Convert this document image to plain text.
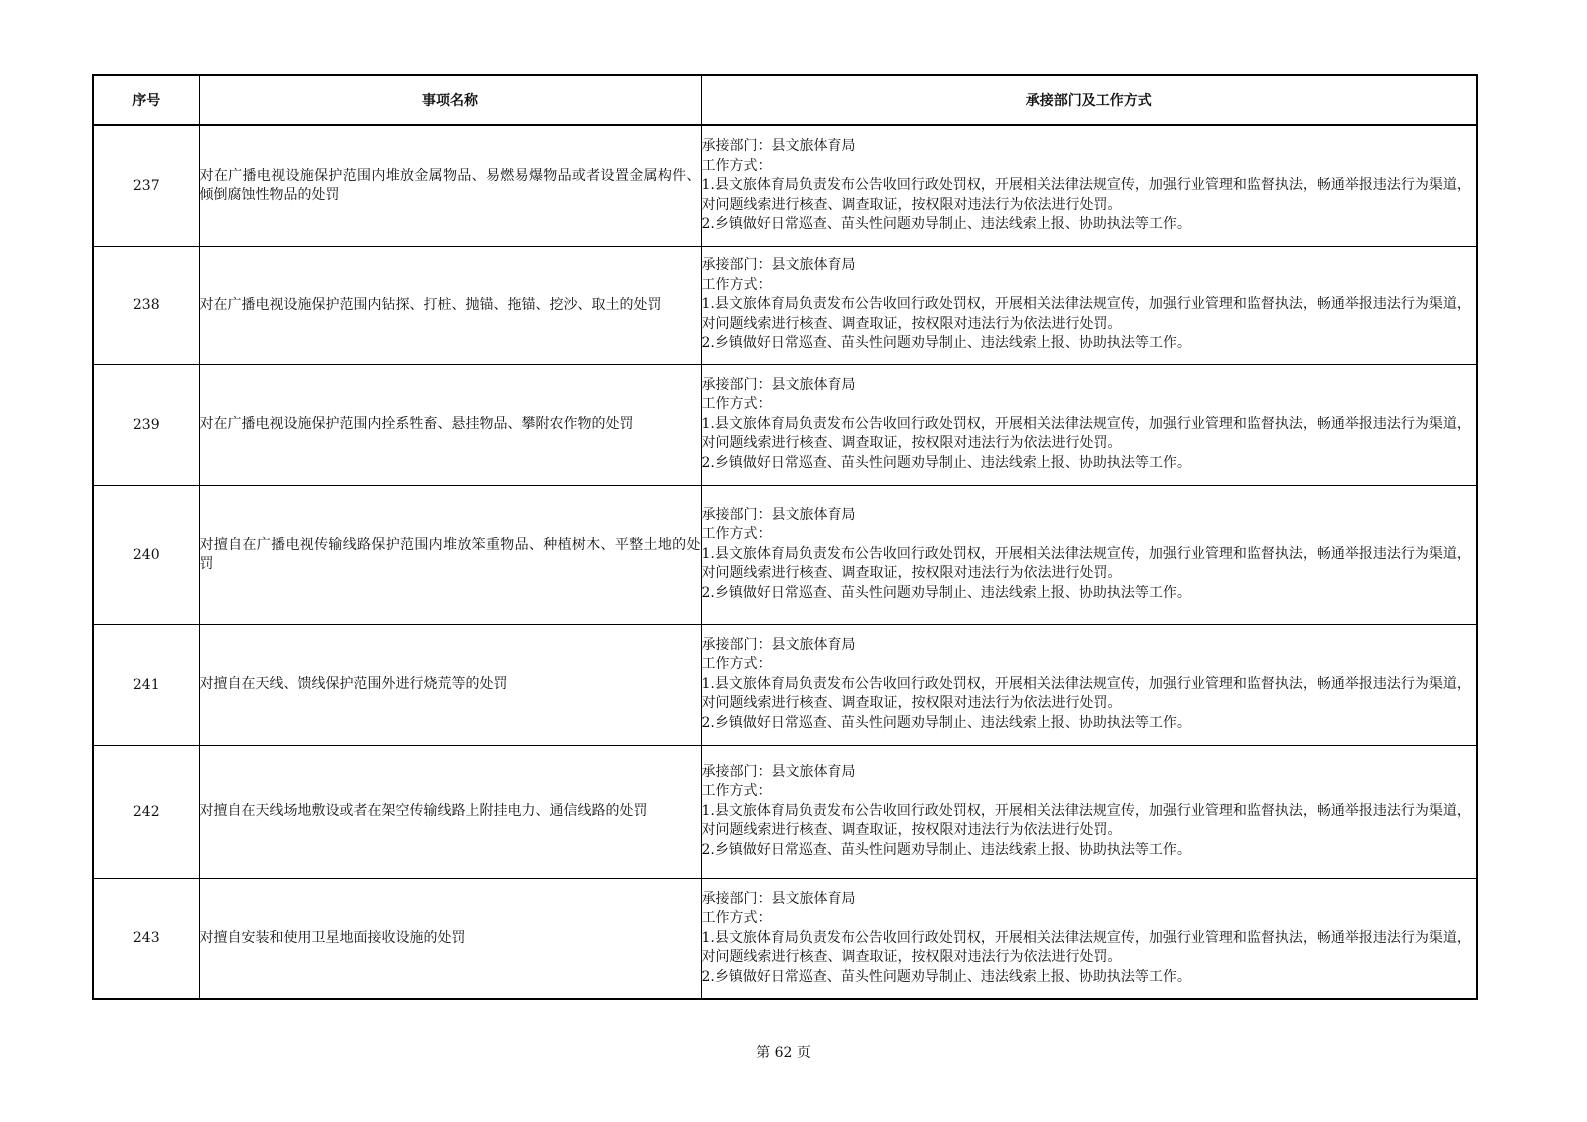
序号	事项名称	承接部门及工作方式
237	对在广播电视设施保护范围内堆放金属物品、易燃易爆物品或者设置金属构件、倾倒腐蚀性物品的处罚	承接部门：县文旅体育局
工作方式：
1.县文旅体育局负责发布公告收回行政处罚权，开展相关法律法规宣传，加强行业管理和监督执法，畅通举报违法行为渠道，对问题线索进行核查、调查取证，按权限对违法行为依法进行处罚。
2.乡镇做好日常巡查、苗头性问题劝导制止、违法线索上报、协助执法等工作。

238	对在广播电视设施保护范围内钻探、打桩、抛锚、拖锚、挖沙、取土的处罚	承接部门：县文旅体育局
工作方式：
1.县文旅体育局负责发布公告收回行政处罚权，开展相关法律法规宣传，加强行业管理和监督执法，畅通举报违法行为渠道，对问题线索进行核查、调查取证，按权限对违法行为依法进行处罚。
2.乡镇做好日常巡查、苗头性问题劝导制止、违法线索上报、协助执法等工作。

239	对在广播电视设施保护范围内拴系牲畜、悬挂物品、攀附农作物的处罚	承接部门：县文旅体育局
工作方式：
1.县文旅体育局负责发布公告收回行政处罚权，开展相关法律法规宣传，加强行业管理和监督执法，畅通举报违法行为渠道，对问题线索进行核查、调查取证，按权限对违法行为依法进行处罚。
2.乡镇做好日常巡查、苗头性问题劝导制止、违法线索上报、协助执法等工作。

240	对擅自在广播电视传输线路保护范围内堆放笨重物品、种植树木、平整土地的处罚	承接部门：县文旅体育局
工作方式：
1.县文旅体育局负责发布公告收回行政处罚权，开展相关法律法规宣传，加强行业管理和监督执法，畅通举报违法行为渠道，对问题线索进行核查、调查取证，按权限对违法行为依法进行处罚。
2.乡镇做好日常巡查、苗头性问题劝导制止、违法线索上报、协助执法等工作。

241	对擅自在天线、馈线保护范围外进行烧荒等的处罚	承接部门：县文旅体育局
工作方式：
1.县文旅体育局负责发布公告收回行政处罚权，开展相关法律法规宣传，加强行业管理和监督执法，畅通举报违法行为渠道，对问题线索进行核查、调查取证，按权限对违法行为依法进行处罚。
2.乡镇做好日常巡查、苗头性问题劝导制止、违法线索上报、协助执法等工作。

242	对擅自在天线场地敷设或者在架空传输线路上附挂电力、通信线路的处罚	承接部门：县文旅体育局
工作方式：
1.县文旅体育局负责发布公告收回行政处罚权，开展相关法律法规宣传，加强行业管理和监督执法，畅通举报违法行为渠道，对问题线索进行核查、调查取证，按权限对违法行为依法进行处罚。
2.乡镇做好日常巡查、苗头性问题劝导制止、违法线索上报、协助执法等工作。

243	对擅自安装和使用卫星地面接收设施的处罚	承接部门：县文旅体育局
工作方式：
1.县文旅体育局负责发布公告收回行政处罚权，开展相关法律法规宣传，加强行业管理和监督执法，畅通举报违法行为渠道，对问题线索进行核查、调查取证，按权限对违法行为依法进行处罚。
2.乡镇做好日常巡查、苗头性问题劝导制止、违法线索上报、协助执法等工作。
第 62 页
